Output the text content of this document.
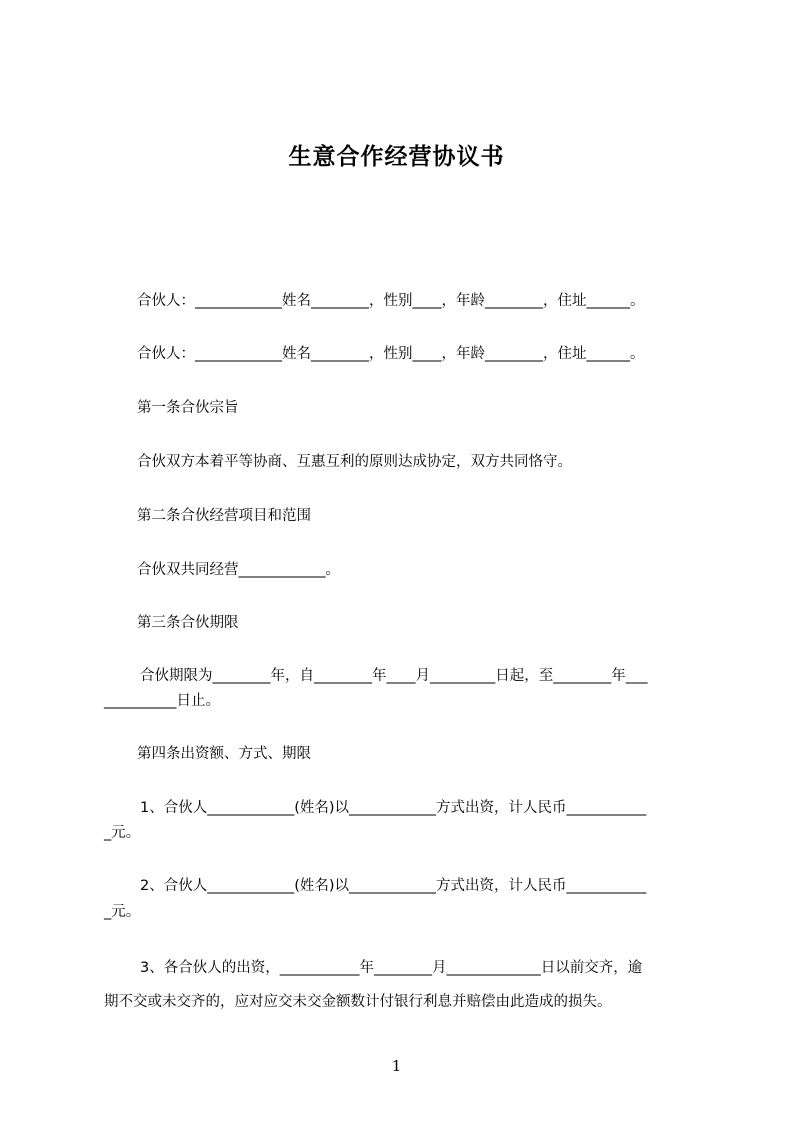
生意合作经营协议书
合伙人：____________姓名________，性别____，年龄________，住址______。
合伙人：____________姓名________，性别____，年龄________，住址______。
第一条合伙宗旨
合伙双方本着平等协商、互惠互利的原则达成协定，双方共同恪守。
第二条合伙经营项目和范围
合伙双共同经营____________。
第三条合伙期限
合伙期限为________年，自________年____月_________日起，至________年___
__________日止。
第四条出资额、方式、期限
1、合伙人____________(姓名)以____________方式出资，计人民币___________
_元。
2、合伙人____________(姓名)以____________方式出资，计人民币___________
_元。
3、各合伙人的出资，___________年________月_____________日以前交齐，逾
期不交或未交齐的，应对应交未交金额数计付银行利息并赔偿由此造成的损失。
1
